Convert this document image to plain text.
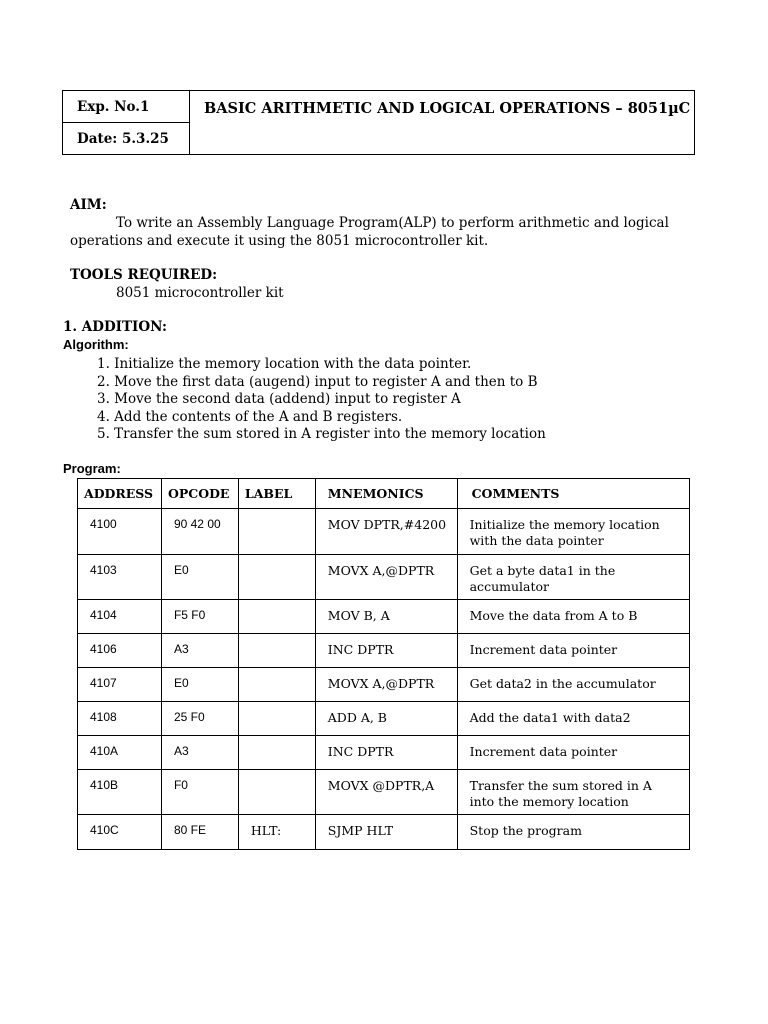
Exp. No.1	BASIC ARITHMETIC AND LOGICAL OPERATIONS – 8051µC
Date: 5.3.25
AIM:
To write an Assembly Language Program(ALP) to perform arithmetic and logical
operations and execute it using the 8051 microcontroller kit.
TOOLS REQUIRED:
8051 microcontroller kit
1. ADDITION:
Algorithm:
1. Initialize the memory location with the data pointer.
2. Move the first data (augend) input to register A and then to B
3. Move the second data (addend) input to register A
4. Add the contents of the A and B registers.
5. Transfer the sum stored in A register into the memory location
Program:
ADDRESS	OPCODE	LABEL	MNEMONICS	COMMENTS
4100	90 42 00		MOV DPTR,#4200	Initialize the memory location
with the data pointer

4103	E0		MOVX A,@DPTR	Get a byte data1 in the
accumulator

4104	F5 F0		MOV B, A	Move the data from A to B

4106	A3		INC DPTR	Increment data pointer

4107	E0		MOVX A,@DPTR	Get data2 in the accumulator

4108	25 F0		ADD A, B	Add the data1 with data2

410A	A3		INC DPTR	Increment data pointer

410B	F0		MOVX @DPTR,A	Transfer the sum stored in A
into the memory location

410C	80 FE	HLT:	SJMP HLT	Stop the program
